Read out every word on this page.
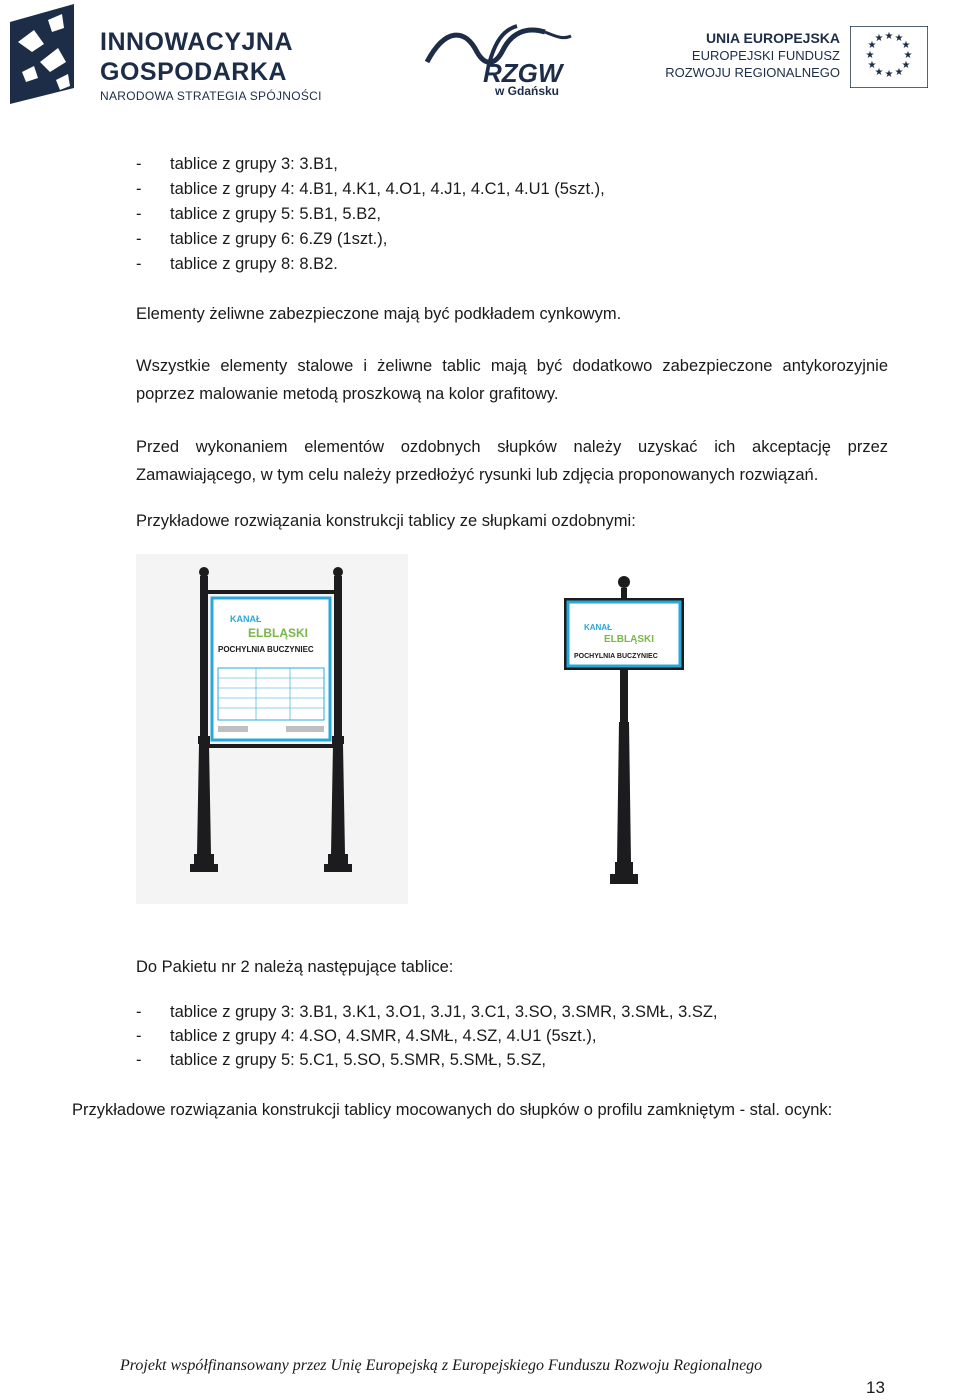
INNOWACYJNA
GOSPODARKA
NARODOWA STRATEGIA SPÓJNOŚCI
RZGW
w Gdańsku
UNIA EUROPEJSKA
EUROPEJSKI FUNDUSZ
ROZWOJU REGIONALNEGO
★ ★
★
★
★
★
★
★
★
★
★
★
- tablice z grupy 3: 3.B1,
- tablice z grupy 4: 4.B1, 4.K1, 4.O1, 4.J1, 4.C1, 4.U1 (5szt.),
- tablice z grupy 5: 5.B1, 5.B2,
- tablice z grupy 6: 6.Z9 (1szt.),
- tablice z grupy 8: 8.B2.
Elementy żeliwne zabezpieczone mają być podkładem cynkowym.
Wszystkie elementy stalowe i żeliwne tablic mają być dodatkowo zabezpieczone antykorozyjnie poprzez malowanie metodą proszkową na kolor grafitowy.
Przed wykonaniem elementów ozdobnych słupków należy uzyskać ich akceptację przez Zamawiającego, w tym celu należy przedłożyć rysunki lub zdjęcia proponowanych rozwiązań.
Przykładowe rozwiązania konstrukcji tablicy ze słupkami ozdobnymi:
KANAŁ
ELBLĄSKI
POCHYLNIA BUCZYNIEC
KANAŁ
ELBLĄSKI
POCHYLNIA BUCZYNIEC
Do Pakietu nr 2 należą następujące tablice:
- tablice z grupy 3: 3.B1, 3.K1, 3.O1, 3.J1, 3.C1, 3.SO, 3.SMR, 3.SMŁ, 3.SZ,
- tablice z grupy 4: 4.SO, 4.SMR, 4.SMŁ, 4.SZ, 4.U1 (5szt.),
- tablice z grupy 5: 5.C1, 5.SO, 5.SMR, 5.SMŁ, 5.SZ,
Przykładowe rozwiązania konstrukcji tablicy mocowanych do słupków o profilu zamkniętym - stal. ocynk:
Projekt współfinansowany przez Unię Europejską z Europejskiego Funduszu Rozwoju Regionalnego
13
